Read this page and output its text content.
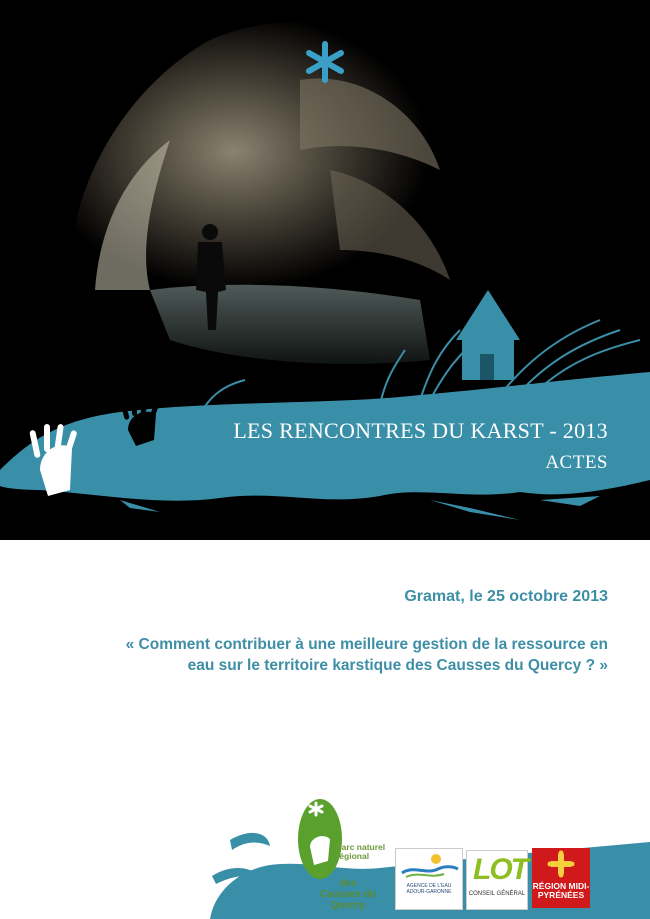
LES RENCONTRES DU KARST - 2013
ACTES
Gramat, le 25 octobre 2013
« Comment contribuer à une meilleure gestion de la ressource en
eau sur le territoire karstique des Causses du Quercy ? »
Parc naturel régional
des Causses du Quercy
AGENCE DE L'EAU ADOUR-GARONNE
LOT
CONSEIL GÉNÉRAL
RÉGION MIDI-PYRÉNÉES
